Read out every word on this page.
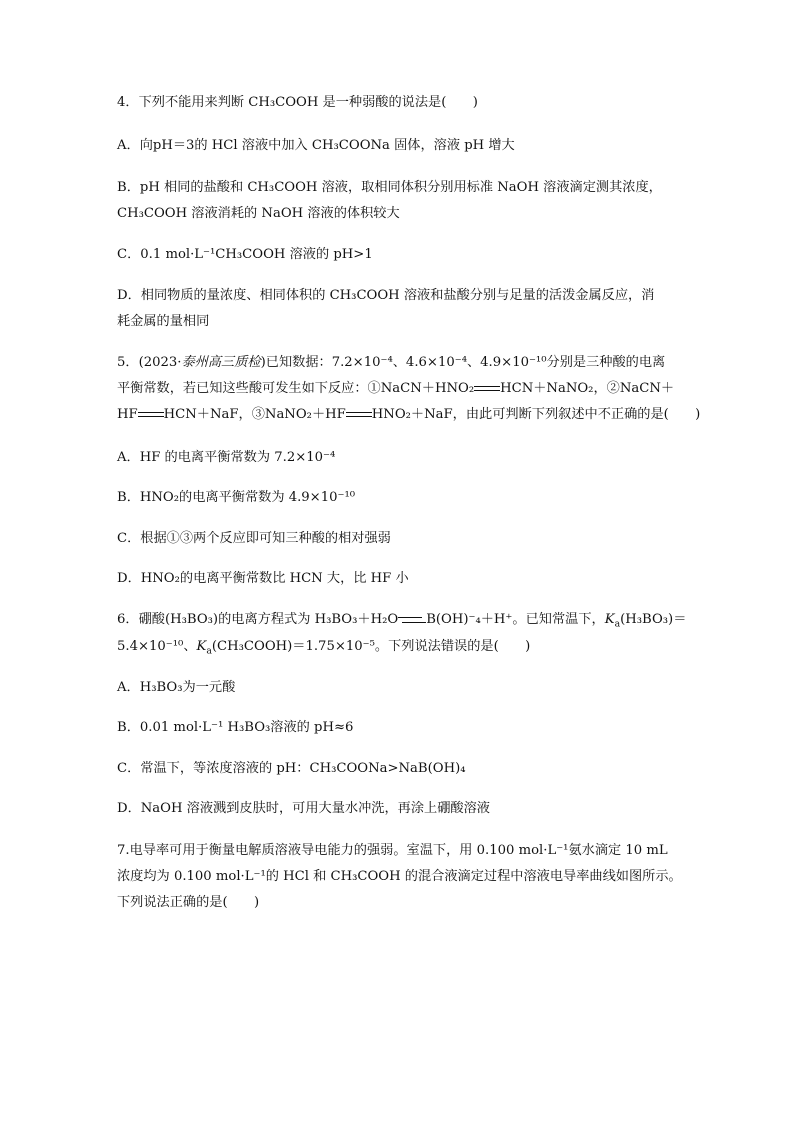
4．下列不能用来判断 CH₃COOH 是一种弱酸的说法是(　　)
A．向pH＝3的 HCl 溶液中加入 CH₃COONa 固体，溶液 pH 增大
B．pH 相同的盐酸和 CH₃COOH 溶液，取相同体积分别用标准 NaOH 溶液滴定测其浓度，
CH₃COOH 溶液消耗的 NaOH 溶液的体积较大
C．0.1 mol·L⁻¹CH₃COOH 溶液的 pH>1
D．相同物质的量浓度、相同体积的 CH₃COOH 溶液和盐酸分别与足量的活泼金属反应，消
耗金属的量相同
5．(2023·泰州高三质检)已知数据：7.2×10⁻⁴、4.6×10⁻⁴、4.9×10⁻¹⁰分别是三种酸的电离
平衡常数，若已知这些酸可发生如下反应：①NaCN＋HNO₂ HCN＋NaNO₂，②NaCN＋
HF HCN＋NaF，③NaNO₂＋HF HNO₂＋NaF，由此可判断下列叙述中不正确的是(　　)
A．HF 的电离平衡常数为 7.2×10⁻⁴
B．HNO₂的电离平衡常数为 4.9×10⁻¹⁰
C．根据①③两个反应即可知三种酸的相对强弱
D．HNO₂的电离平衡常数比 HCN 大，比 HF 小
6．硼酸(H₃BO₃)的电离方程式为 H₃BO₃＋H₂O B(OH)⁻₄＋H⁺。已知常温下，$K_a(H_3BO_3)=$
5.4×10⁻¹⁰、$K_a(CH_3COOH)=1.75\times 10^{-5}$。下列说法错误的是(　　)
A．H₃BO₃为一元酸
B．0.01 mol·L⁻¹ H₃BO₃溶液的 pH≈6
C．常温下，等浓度溶液的 pH：CH₃COONa>NaB(OH)₄
D．NaOH 溶液溅到皮肤时，可用大量水冲洗，再涂上硼酸溶液
7.电导率可用于衡量电解质溶液导电能力的强弱。室温下，用 0.100 mol·L⁻¹氨水滴定 10 mL
浓度均为 0.100 mol·L⁻¹的 HCl 和 CH₃COOH 的混合液滴定过程中溶液电导率曲线如图所示。
下列说法正确的是(　　)
